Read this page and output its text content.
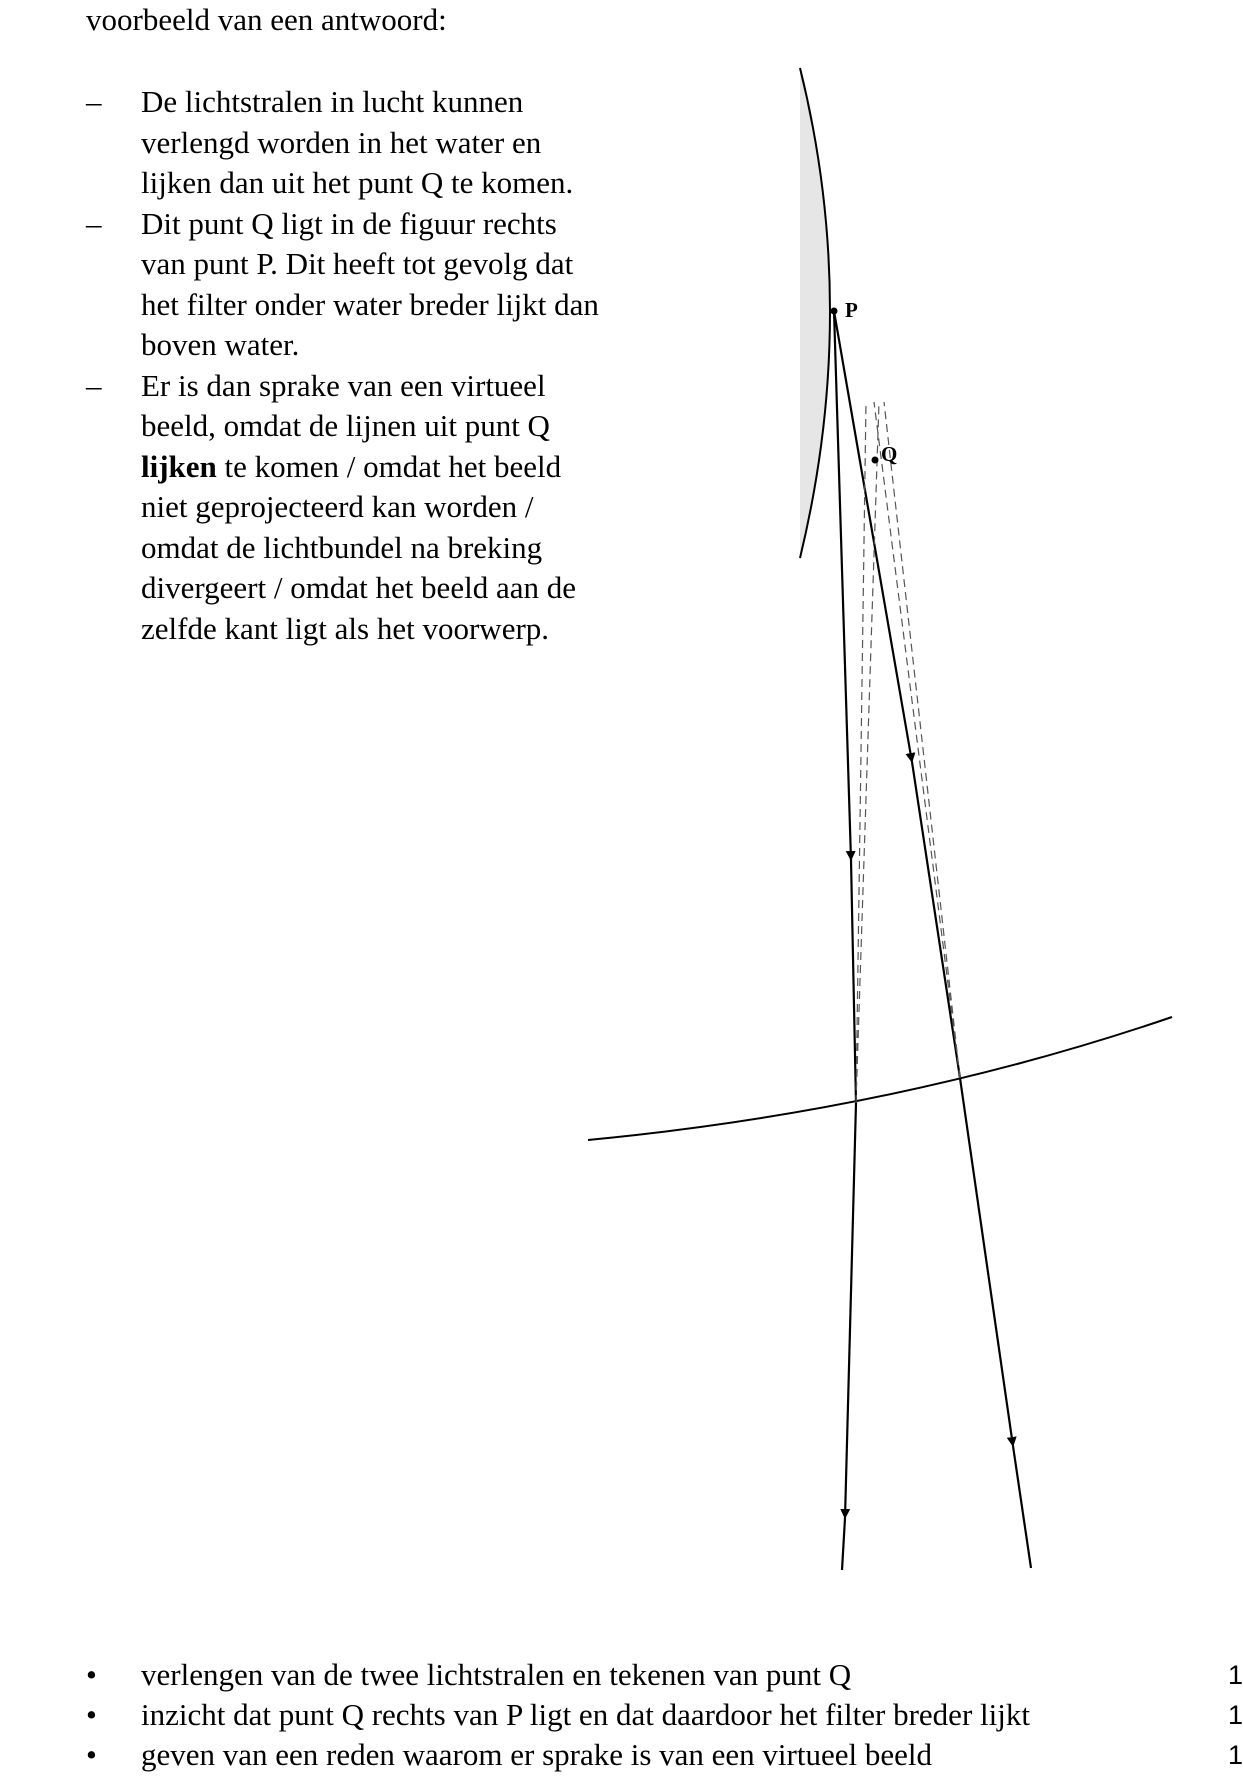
voorbeeld van een antwoord:
– De lichtstralen in lucht kunnen verlengd worden in het water en lijken dan uit het punt Q te komen.
– Dit punt Q ligt in de figuur rechts van punt P. Dit heeft tot gevolg dat het filter onder water breder lijkt dan boven water.
– Er is dan sprake van een virtueel beeld, omdat de lijnen uit punt Q lijken te komen / omdat het beeld niet geprojecteerd kan worden / omdat de lichtbundel na breking divergeert / omdat het beeld aan de zelfde kant ligt als het voorwerp.
P
Q
• verlengen van de twee lichtstralen en tekenen van punt Q	1
• inzicht dat punt Q rechts van P ligt en dat daardoor het filter breder lijkt	1
• geven van een reden waarom er sprake is van een virtueel beeld	1
